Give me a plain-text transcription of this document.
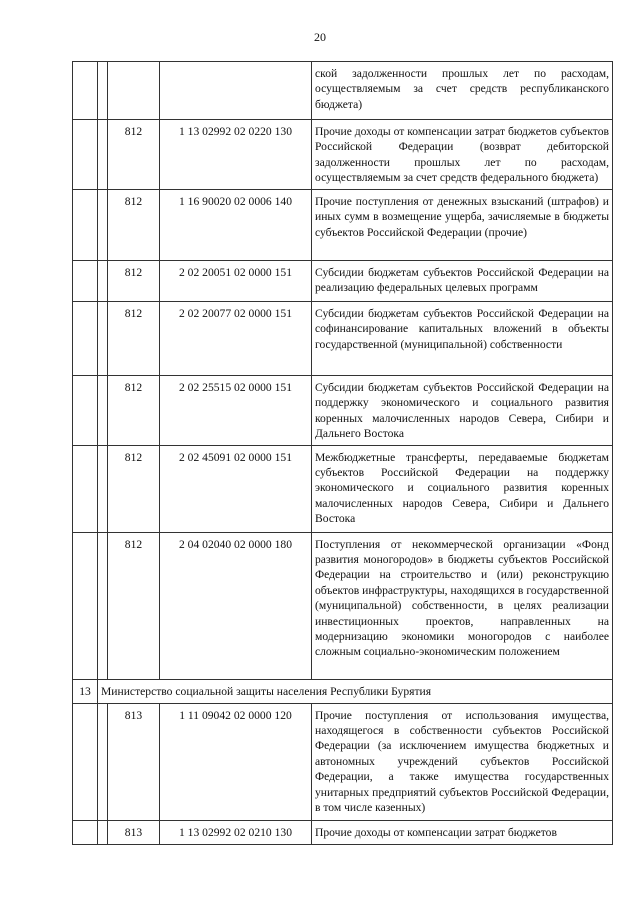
20
				ской задолженности прошлых лет по расходам, осуществляемым за счет средств республиканского бюджета)
		812	1 13 02992 02 0220 130	Прочие доходы от компенсации затрат бюджетов субъектов Российской Федерации (возврат дебиторской задолженности прошлых лет по расходам, осуществляемым за счет средств федерального бюджета)
		812	1 16 90020 02 0006 140	Прочие поступления от денежных взысканий (штрафов) и иных сумм в возмещение ущерба, зачисляемые в бюджеты субъектов Российской Федерации (прочие)
		812	2 02 20051 02 0000 151	Субсидии бюджетам субъектов Российской Федерации на реализацию федеральных целевых программ
		812	2 02 20077 02 0000 151	Субсидии бюджетам субъектов Российской Федерации на софинансирование капитальных вложений в объекты государственной (муниципальной) собственности
		812	2 02 25515 02 0000 151	Субсидии бюджетам субъектов Российской Федерации на поддержку экономического и социального развития коренных малочисленных народов Севера, Сибири и Дальнего Востока
		812	2 02 45091 02 0000 151	Межбюджетные трансферты, передаваемые бюджетам субъектов Российской Федерации на поддержку экономического и социального развития коренных малочисленных народов Севера, Сибири и Дальнего Востока
		812	2 04 02040 02 0000 180	Поступления от некоммерческой организации «Фонд развития моногородов» в бюджеты субъектов Российской Федерации на строительство и (или) реконструкцию объектов инфраструктуры, находящихся в государственной (муниципальной) собственности, в целях реализации инвестиционных проектов, направленных на модернизацию экономики моногородов с наиболее сложным социально-экономическим положением
13	Министерство социальной защиты населения Республики Бурятия			
		813	1 11 09042 02 0000 120	Прочие поступления от использования имущества, находящегося в собственности субъектов Российской Федерации (за исключением имущества бюджетных и автономных учреждений субъектов Российской Федерации, а также имущества государственных унитарных предприятий субъектов Российской Федерации, в том числе казенных)
		813	1 13 02992 02 0210 130	Прочие доходы от компенсации затрат бюджетов
